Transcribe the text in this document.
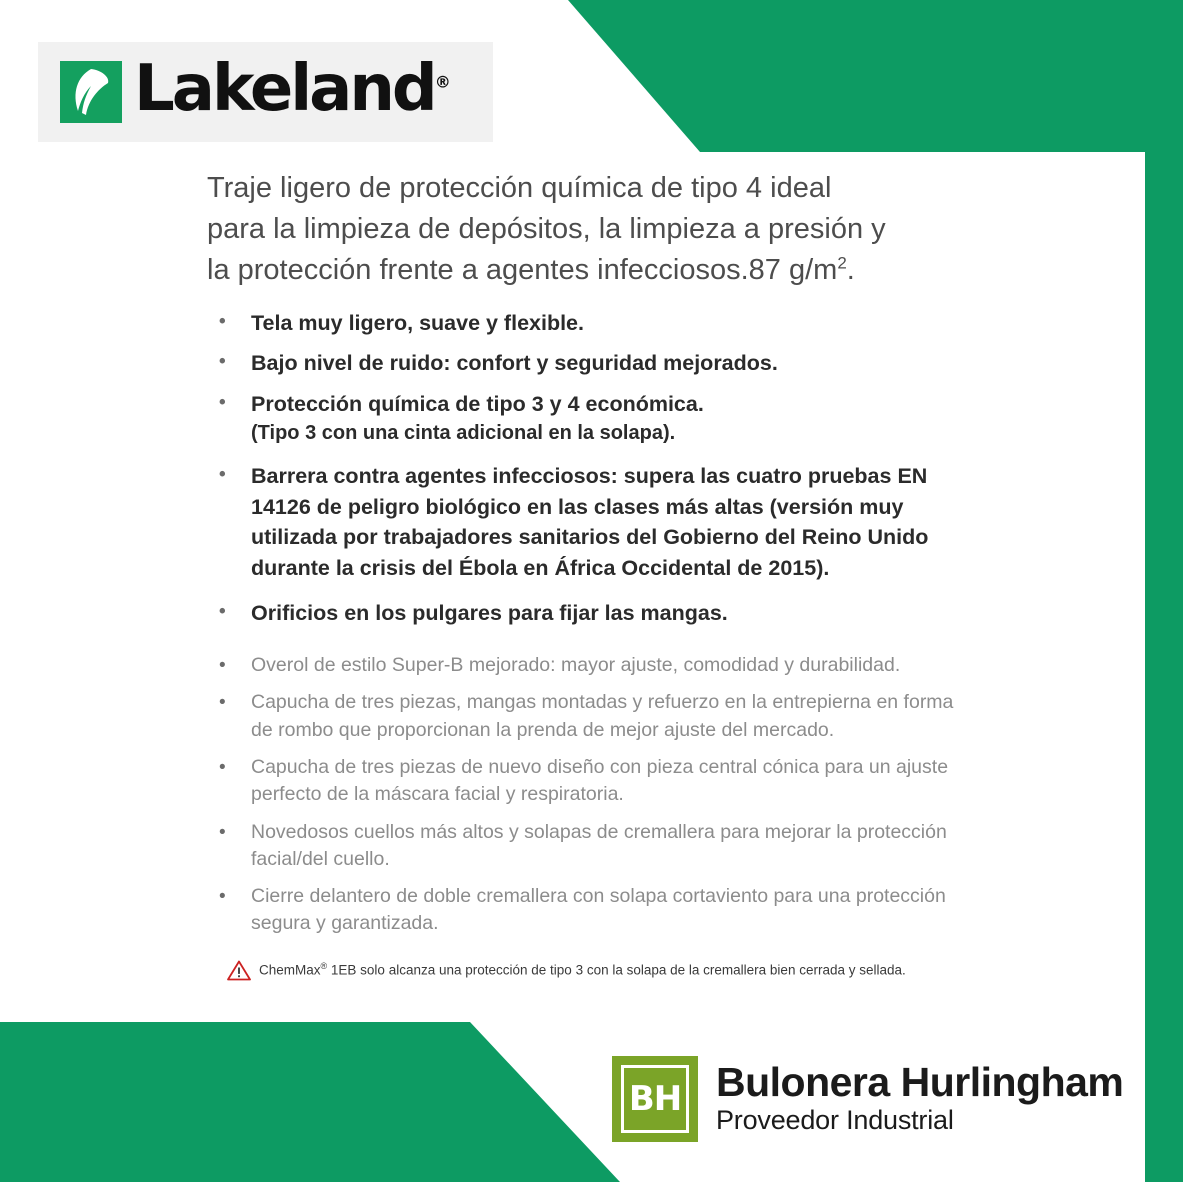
Lakeland®

Traje ligero de protección química de tipo 4 ideal
para la limpieza de depósitos, la limpieza a presión y
la protección frente a agentes infecciosos.87 $g/m^2$.

• Tela muy ligero, suave y flexible.
• Bajo nivel de ruido: confort y seguridad mejorados.
• Protección química de tipo 3 y 4 económica.
(Tipo 3 con una cinta adicional en la solapa).
• Barrera contra agentes infecciosos: supera las cuatro pruebas EN 14126 de peligro biológico en las clases más altas (versión muy utilizada por trabajadores sanitarios del Gobierno del Reino Unido durante la crisis del Ébola en África Occidental de 2015).
• Orificios en los pulgares para fijar las mangas.
• Overol de estilo Super-B mejorado: mayor ajuste, comodidad y durabilidad.
• Capucha de tres piezas, mangas montadas y refuerzo en la entrepierna en forma de rombo que proporcionan la prenda de mejor ajuste del mercado.
• Capucha de tres piezas de nuevo diseño con pieza central cónica para un ajuste perfecto de la máscara facial y respiratoria.
• Novedosos cuellos más altos y solapas de cremallera para mejorar la protección facial/del cuello.
• Cierre delantero de doble cremallera con solapa cortaviento para una protección segura y garantizada.
ChemMax® 1EB solo alcanza una protección de tipo 3 con la solapa de la cremallera bien cerrada y sellada.
BH Bulonera Hurlingham
Proveedor Industrial
